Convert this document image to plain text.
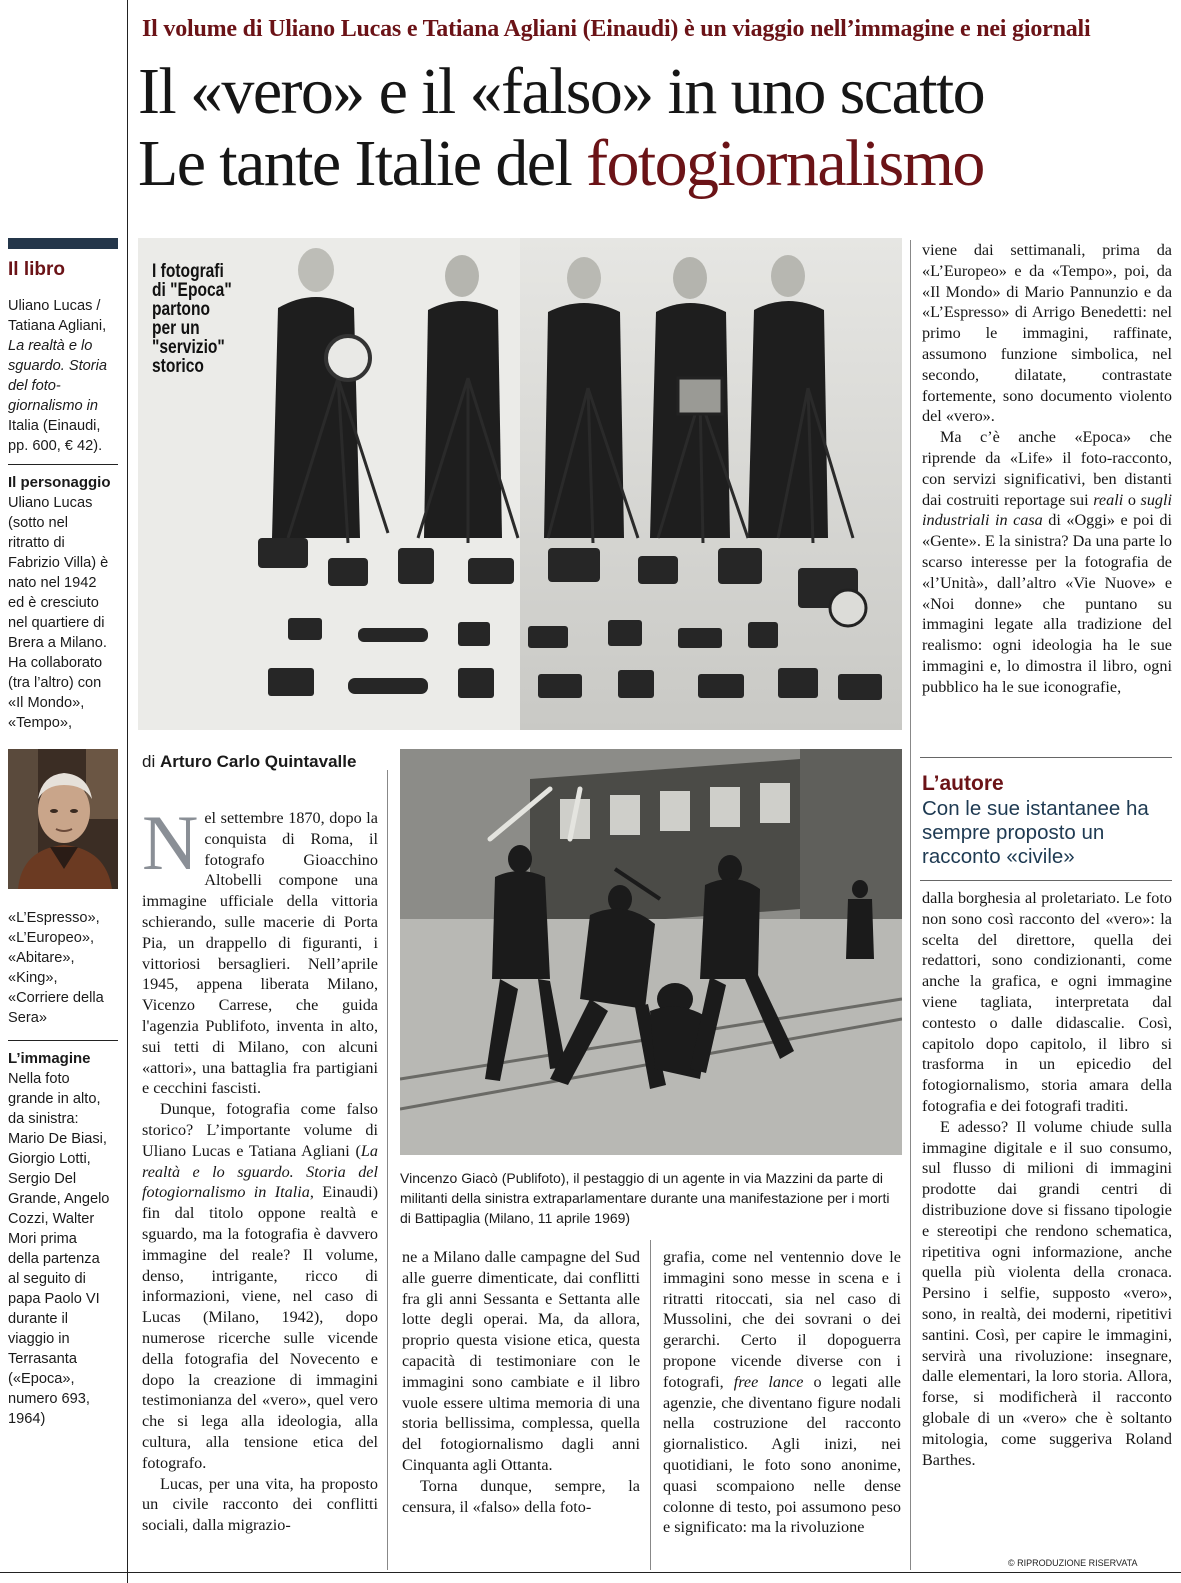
Il volume di Uliano Lucas e Tatiana Agliani (Einaudi) è un viaggio nell’immagine e nei giornali
Il «vero» e il «falso» in uno scatto
Le tante Italie del fotogiornalismo
Il libro
Uliano Lucas /
Tatiana Agliani,
La realtà e lo
sguardo. Storia
del foto-
giornalismo in
Italia (Einaudi,
pp. 600, € 42).
Il personaggio
Uliano Lucas
(sotto nel
ritratto di
Fabrizio Villa) è
nato nel 1942
ed è cresciuto
nel quartiere di
Brera a Milano.
Ha collaborato
(tra l’altro) con
«Il Mondo»,
«Tempo»,
«L’Espresso»,
«L’Europeo»,
«Abitare»,
«King»,
«Corriere della
Sera»
L’immagine
Nella foto
grande in alto,
da sinistra:
Mario De Biasi,
Giorgio Lotti,
Sergio Del
Grande, Angelo
Cozzi, Walter
Mori prima
della partenza
al seguito di
papa Paolo VI
durante il
viaggio in
Terrasanta
(«Epoca»,
numero 693,
1964)
I fotografi
di "Epoca"
partono
per un
"servizio"
storico
di Arturo Carlo Quintavalle
Vincenzo Giacò (Publifoto), il pestaggio di un agente in via Mazzini da parte di militanti della sinistra extraparlamentare durante una manifestazione per i morti di Battipaglia (Milano, 11 aprile 1969)

Nel settembre 1870, dopo la conquista di Roma, il fotografo Gioacchino Altobelli compone una immagine ufficiale della vittoria schierando, sulle macerie di Porta Pia, un drappello di figuranti, i vittoriosi bersaglieri. Nell’aprile 1945, appena liberata Milano, Vicenzo Carrese, che guida l'agenzia Publifoto, inventa in alto, sui tetti di Milano, con alcuni «attori», una battaglia fra partigiani e cecchini fascisti.

Dunque, fotografia come falso storico? L’importante volume di Uliano Lucas e Tatiana Agliani (La realtà e lo sguardo. Storia del fotogiornalismo in Italia, Einaudi) fin dal titolo oppone realtà e sguardo, ma la fotografia è davvero immagine del reale? Il volume, denso, intrigante, ricco di informazioni, viene, nel caso di Lucas (Milano, 1942), dopo numerose ricerche sulle vicende della fotografia del Novecento e dopo la creazione di immagini testimonianza del «vero», quel vero che si lega alla ideologia, alla cultura, alla tensione etica del fotografo.

Lucas, per una vita, ha proposto un civile racconto dei conflitti sociali, dalla migrazio-

ne a Milano dalle campagne del Sud alle guerre dimenticate, dai conflitti fra gli anni Sessanta e Settanta alle lotte degli operai. Ma, da allora, proprio questa visione etica, questa capacità di testimoniare con le immagini sono cambiate e il libro vuole essere ultima memoria di una storia bellissima, complessa, quella del fotogiornalismo dagli anni Cinquanta agli Ottanta.

Torna dunque, sempre, la censura, il «falso» della foto-

grafia, come nel ventennio dove le immagini sono messe in scena e i ritratti ritoccati, sia nel caso di Mussolini, che dei sovrani o dei gerarchi. Certo il dopoguerra propone vicende diverse con i fotografi, free lance o legati alle agenzie, che diventano figure nodali nella costruzione del racconto giornalistico. Agli inizi, nei quotidiani, le foto sono anonime, quasi scompaiono nelle dense colonne di testo, poi assumono peso e significato: ma la rivoluzione

viene dai settimanali, prima da «L’Europeo» e da «Tempo», poi, da «Il Mondo» di Mario Pannunzio e da «L’Espresso» di Arrigo Benedetti: nel primo le immagini, raffinate, assumono funzione simbolica, nel secondo, dilatate, contrastate fortemente, sono documento violento del «vero».

Ma c’è anche «Epoca» che riprende da «Life» il foto-racconto, con servizi significativi, ben distanti dai costruiti reportage sui reali o sugli industriali in casa di «Oggi» e poi di «Gente». E la sinistra? Da una parte lo scarso interesse per la fotografia de «l’Unità», dall’altro «Vie Nuove» e «Noi donne» che puntano su immagini legate alla tradizione del realismo: ogni ideologia ha le sue immagini e, lo dimostra il libro, ogni pubblico ha le sue iconografie,

L’autore
Con le sue istantanee ha sempre proposto un racconto «civile»

dalla borghesia al proletariato. Le foto non sono così racconto del «vero»: la scelta del direttore, quella dei redattori, sono condizionanti, come anche la grafica, e ogni immagine viene tagliata, interpretata dal contesto o dalle didascalie. Così, capitolo dopo capitolo, il libro si trasforma in un epicedio del fotogiornalismo, storia amara della fotografia e dei fotografi traditi.

E adesso? Il volume chiude sulla immagine digitale e il suo consumo, sul flusso di milioni di immagini prodotte dai grandi centri di distribuzione dove si fissano tipologie e stereotipi che rendono schematica, ripetitiva ogni informazione, anche quella più violenta della cronaca. Persino i selfie, supposto «vero», sono, in realtà, dei moderni, ripetitivi santini. Così, per capire le immagini, servirà una rivoluzione: insegnare, dalle elementari, la loro storia. Allora, forse, si modificherà il racconto globale di un «vero» che è soltanto mitologia, come suggeriva Roland Barthes.

© RIPRODUZIONE RISERVATA
